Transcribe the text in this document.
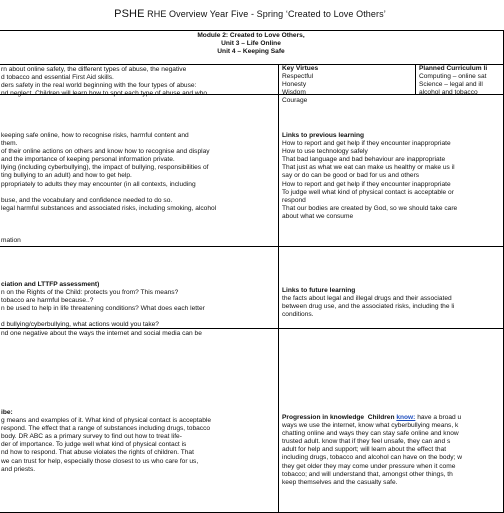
PSHE RHE Overview Year Five - Spring ‘Created to Love Others’
Module 2: Created to Love Others,
Unit 3 – Life Online
Unit 4 – Keeping Safe
rn about online safety, the different types of abuse, the negative
d tobacco and essential First Aid skills.
ders safety in the real world beginning with the four types of abuse:
nd neglect. Children will learn how to spot each type of abuse and who
Key Virtues
Respectful
Honesty
Wisdom
Courage
Planned Curriculum li
Computing – online sat
Science – legal and ill
alcohol and tobacco
keeping safe online, how to recognise risks, harmful content and
them.
of their online actions on others and know how to recognise and display
and the importance of keeping personal information private.
llying (including cyberbullying), the impact of bullying, responsibilities of
ting bullying to an adult) and how to get help.
ppropriately to adults they may encounter (in all contexts, including

buse, and the vocabulary and confidence needed to do so.
legal harmful substances and associated risks, including smoking, alcohol

mation
Links to previous learning
How to report and get help if they encounter inappropriate
How to use technology safely
That bad language and bad behaviour are inappropriate
That just as what we eat can make us healthy or make us il
say or do can be good or bad for us and others
How to report and get help if they encounter inappropriate
To judge well what kind of physical contact is acceptable or
respond
That our bodies are created by God, so we should take care
about what we consume
ciation and LTTFP assessment)
n on the Rights of the Child: protects you from? This means?
tobacco are harmful because..?
n be used to help in life threatening conditions? What does each letter

d bullying/cyberbullying, what actions would you take?
nd one negative about the ways the internet and social media can be
Links to future learning
the facts about legal and illegal drugs and their associated
between drug use, and the associated risks, including the li
conditions.
ibe:
g means and examples of it. What kind of physical contact is acceptable
respond. The effect that a range of substances including drugs, tobacco
body. DR ABC as a primary survey to find out how to treat life-
der of importance. To judge well what kind of physical contact is
nd how to respond. That abuse violates the rights of children. That
we can trust for help, especially those closest to us who care for us,
and priests.
Progression in knowledge Children know: have a broad u
ways we use the internet, know what cyberbullying means, k
chatting online and ways they can stay safe online and know
trusted adult. know that if they feel unsafe, they can and s
adult for help and support; will learn about the effect that
including drugs, tobacco and alcohol can have on the body; w
they get older they may come under pressure when it come
tobacco; and will understand that, amongst other things, th
keep themselves and the casualty safe.
